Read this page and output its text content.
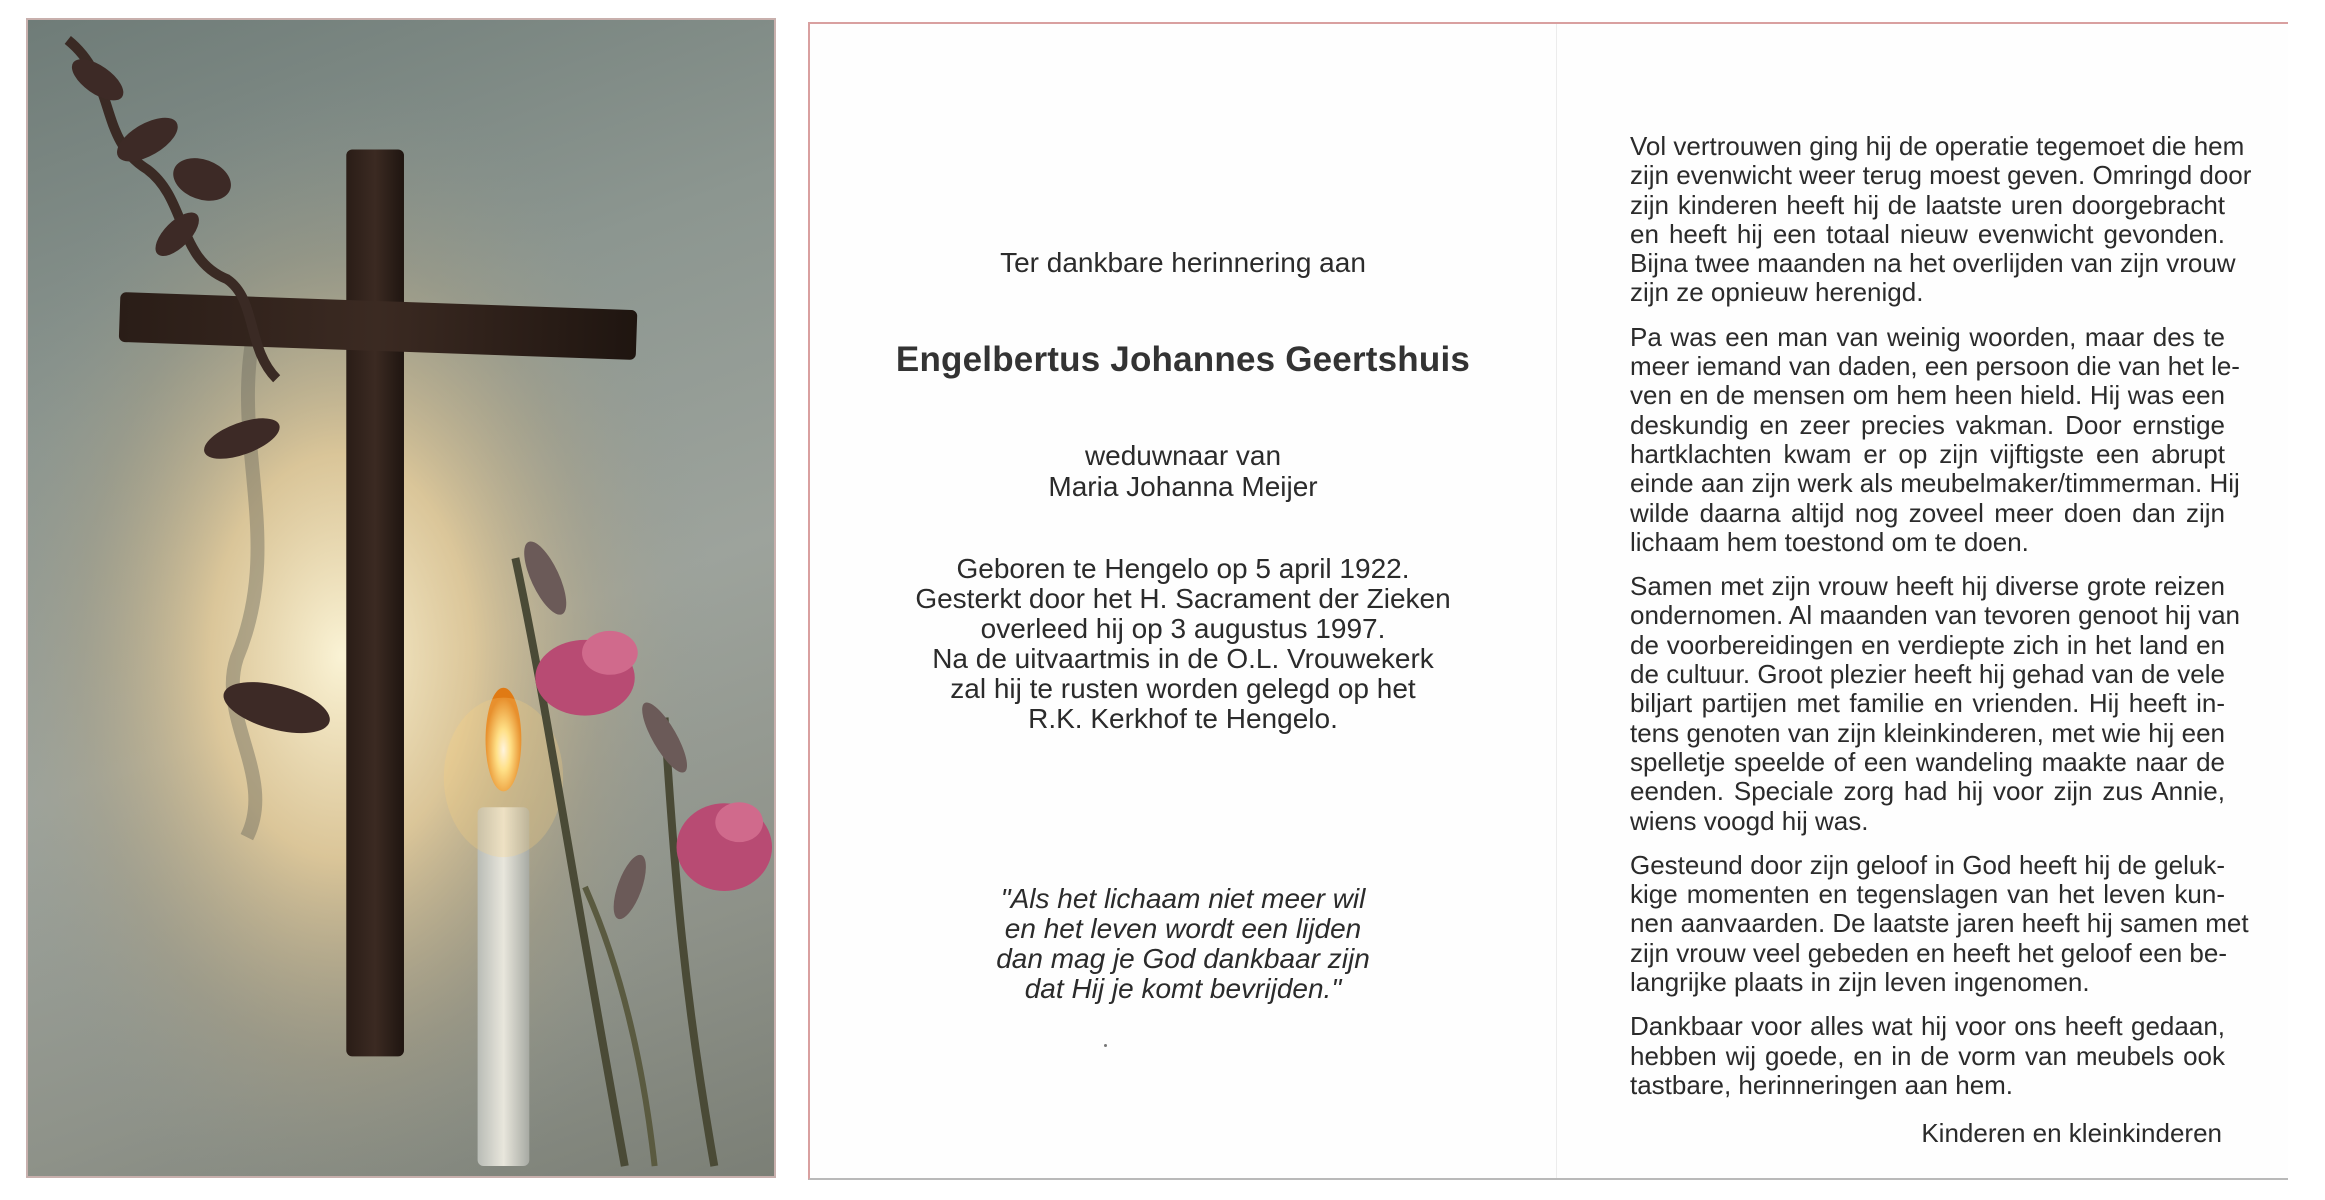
Ter dankbare herinnering aan
Engelbertus Johannes Geertshuis
weduwnaar van
Maria Johanna Meijer
Geboren te Hengelo op 5 april 1922.
Gesterkt door het H. Sacrament der Zieken
overleed hij op 3 augustus 1997.
Na de uitvaartmis in de O.L. Vrouwekerk
zal hij te rusten worden gelegd op het
R.K. Kerkhof te Hengelo.
"Als het lichaam niet meer wil
en het leven wordt een lijden
dan mag je God dankbaar zijn
dat Hij je komt bevrijden."

Vol vertrouwen ging hij de operatie tegemoet die hem
zijn evenwicht weer terug moest geven. Omringd door
zijn kinderen heeft hij de laatste uren doorgebracht
en heeft hij een totaal nieuw evenwicht gevonden.
Bijna twee maanden na het overlijden van zijn vrouw
zijn ze opnieuw herenigd.

Pa was een man van weinig woorden, maar des te
meer iemand van daden, een persoon die van het le-
ven en de mensen om hem heen hield. Hij was een
deskundig en zeer precies vakman. Door ernstige
hartklachten kwam er op zijn vijftigste een abrupt
einde aan zijn werk als meubelmaker/timmerman. Hij
wilde daarna altijd nog zoveel meer doen dan zijn
lichaam hem toestond om te doen.

Samen met zijn vrouw heeft hij diverse grote reizen
ondernomen. Al maanden van tevoren genoot hij van
de voorbereidingen en verdiepte zich in het land en
de cultuur. Groot plezier heeft hij gehad van de vele
biljart partijen met familie en vrienden. Hij heeft in-
tens genoten van zijn kleinkinderen, met wie hij een
spelletje speelde of een wandeling maakte naar de
eenden. Speciale zorg had hij voor zijn zus Annie,
wiens voogd hij was.

Gesteund door zijn geloof in God heeft hij de geluk-
kige momenten en tegenslagen van het leven kun-
nen aanvaarden. De laatste jaren heeft hij samen met
zijn vrouw veel gebeden en heeft het geloof een be-
langrijke plaats in zijn leven ingenomen.

Dankbaar voor alles wat hij voor ons heeft gedaan,
hebben wij goede, en in de vorm van meubels ook
tastbare, herinneringen aan hem.

Kinderen en kleinkinderen
